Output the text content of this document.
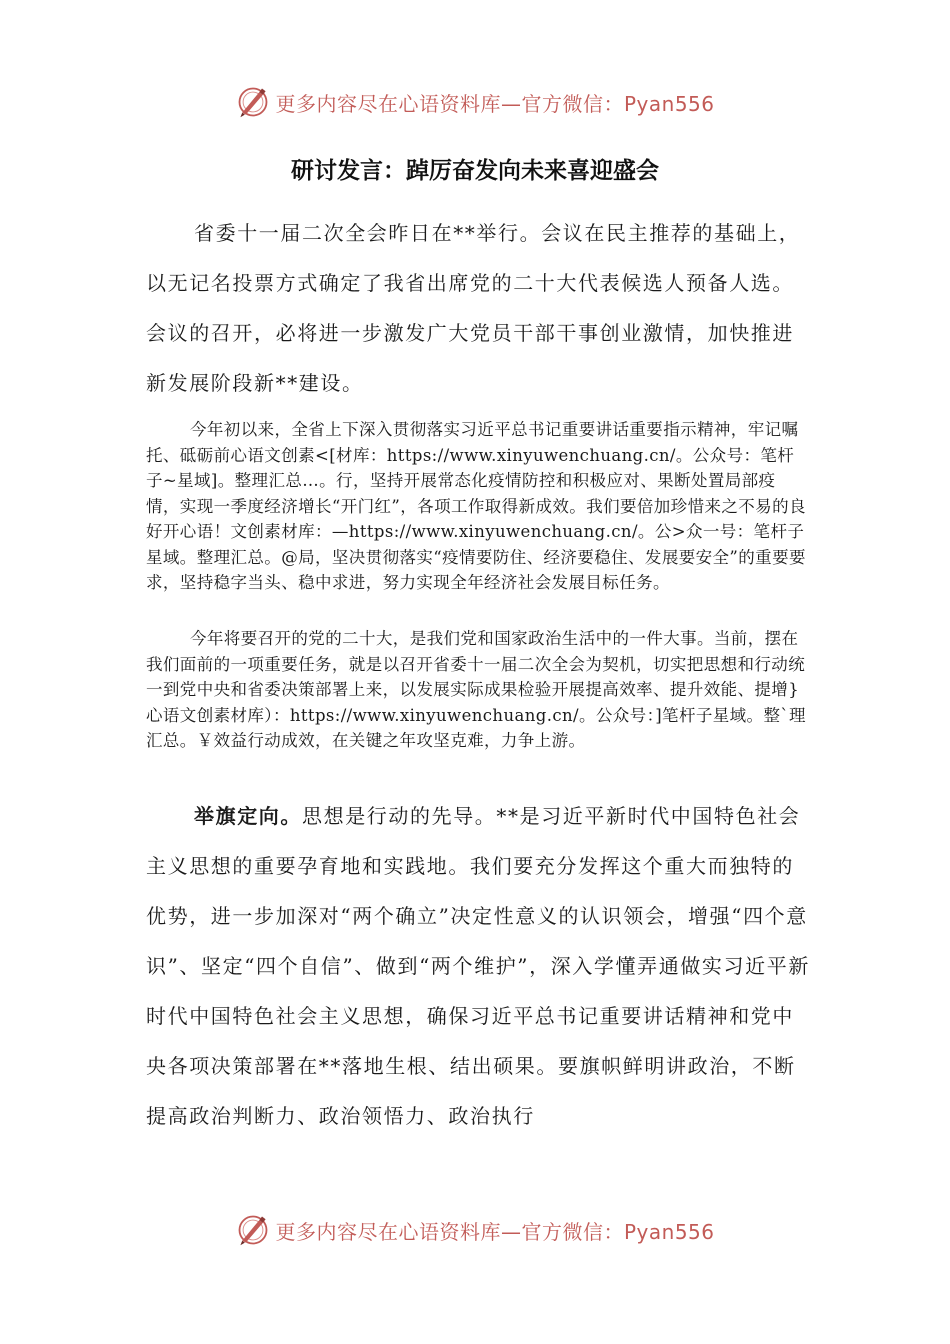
更多内容尽在心语资料库—官方微信：Pyan556
研讨发言：踔厉奋发向未来喜迎盛会

省委十一届二次全会昨日在**举行。会议在民主推荐的基础上，以无记名投票方式确定了我省出席党的二十大代表候选人预备人选。会议的召开，必将进一步激发广大党员干部干事创业激情，加快推进新发展阶段新**建设。

今年初以来，全省上下深入贯彻落实习近平总书记重要讲话重要指示精神，牢记嘱托、砥砺前心语文创素<[材库：https://www.xinyuwenchuang.cn/。公众号：笔杆子~星域]。整理汇总…。行，坚持开展常态化疫情防控和积极应对、果断处置局部疫情，实现一季度经济增长“开门红”，各项工作取得新成效。我们要倍加珍惜来之不易的良好开心语！文创素材库：—https://www.xinyuwenchuang.cn/。公>众一号：笔杆子星域。整理汇总。@局，坚决贯彻落实“疫情要防住、经济要稳住、发展要安全”的重要要求，坚持稳字当头、稳中求进，努力实现全年经济社会发展目标任务。

今年将要召开的党的二十大，是我们党和国家政治生活中的一件大事。当前，摆在我们面前的一项重要任务，就是以召开省委十一届二次全会为契机，切实把思想和行动统一到党中央和省委决策部署上来，以发展实际成果检验开展提高效率、提升效能、提增}心语文创素材库）：https://www.xinyuwenchuang.cn/。公众号：]笔杆子星域。整`理汇总。￥效益行动成效，在关键之年攻坚克难，力争上游。

举旗定向。思想是行动的先导。**是习近平新时代中国特色社会主义思想的重要孕育地和实践地。我们要充分发挥这个重大而独特的优势，进一步加深对“两个确立”决定性意义的认识领会，增强“四个意识”、坚定“四个自信”、做到“两个维护”，深入学懂弄通做实习近平新时代中国特色社会主义思想，确保习近平总书记重要讲话精神和党中央各项决策部署在**落地生根、结出硕果。要旗帜鲜明讲政治，不断提高政治判断力、政治领悟力、政治执行

更多内容尽在心语资料库—官方微信：Pyan556
